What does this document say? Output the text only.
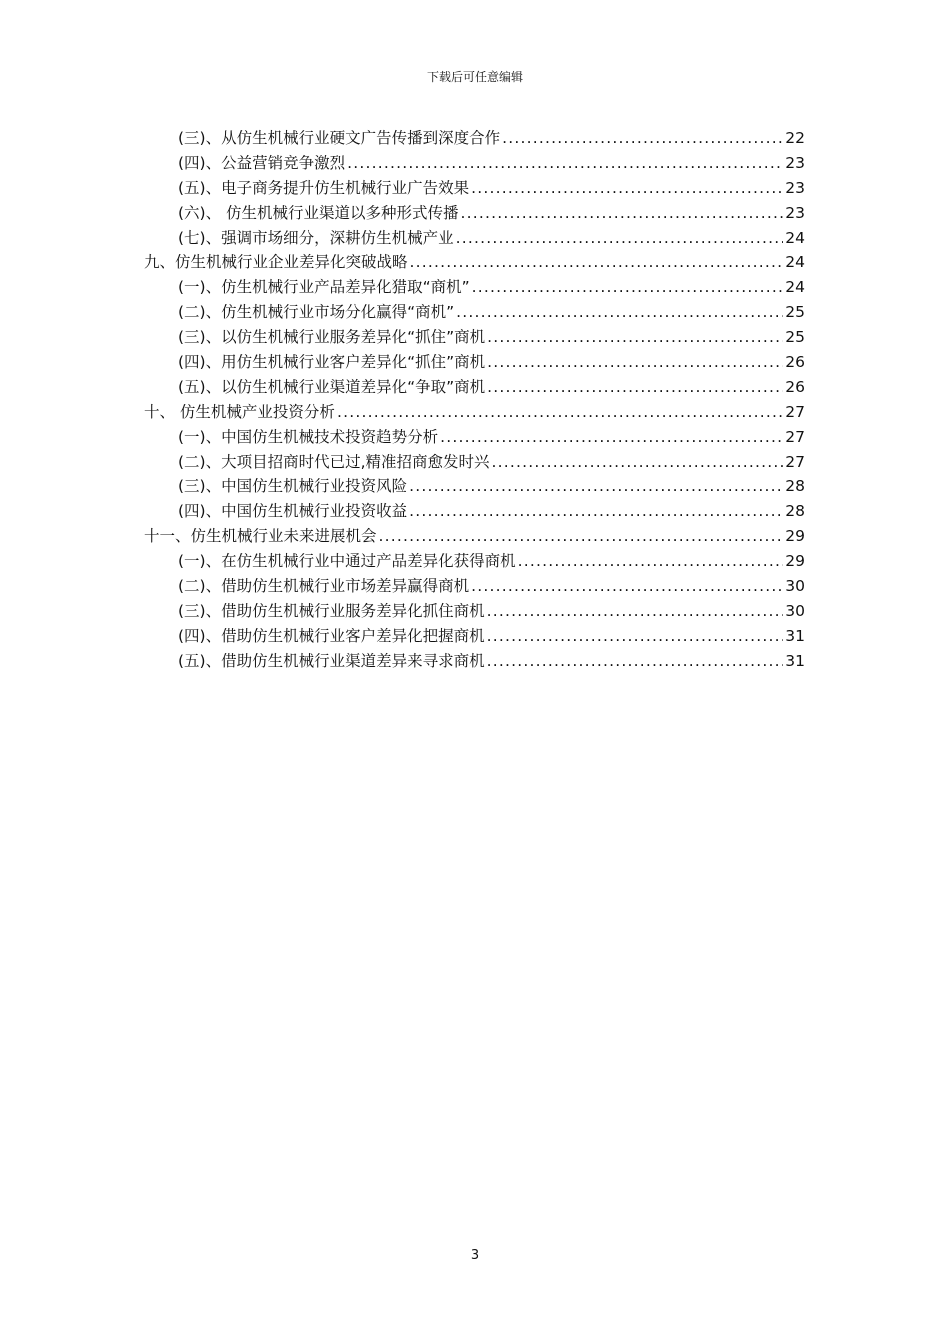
下载后可任意编辑
(三)、从仿生机械行业硬文广告传播到深度合作 .....	22
(四)、公益营销竞争激烈 .....	23
(五)、电子商务提升仿生机械行业广告效果 .....	23
(六)、 仿生机械行业渠道以多种形式传播 .....	23
(七)、强调市场细分，深耕仿生机械产业 .....	24
九、仿生机械行业企业差异化突破战略 .....	24
(一)、仿生机械行业产品差异化猎取“商机” .....	24
(二)、仿生机械行业市场分化赢得“商机” .....	25
(三)、以仿生机械行业服务差异化“抓住”商机 .....	25
(四)、用仿生机械行业客户差异化“抓住”商机 .....	26
(五)、以仿生机械行业渠道差异化“争取”商机 .....	26
十、 仿生机械产业投资分析 .....	27
(一)、中国仿生机械技术投资趋势分析 .....	27
(二)、大项目招商时代已过,精准招商愈发时兴 .....	27
(三)、中国仿生机械行业投资风险 .....	28
(四)、中国仿生机械行业投资收益 .....	28
十一、仿生机械行业未来进展机会 .....	29
(一)、在仿生机械行业中通过产品差异化获得商机 .....	29
(二)、借助仿生机械行业市场差异赢得商机 .....	30
(三)、借助仿生机械行业服务差异化抓住商机 .....	30
(四)、借助仿生机械行业客户差异化把握商机 .....	31
(五)、借助仿生机械行业渠道差异来寻求商机 .....	31
3
